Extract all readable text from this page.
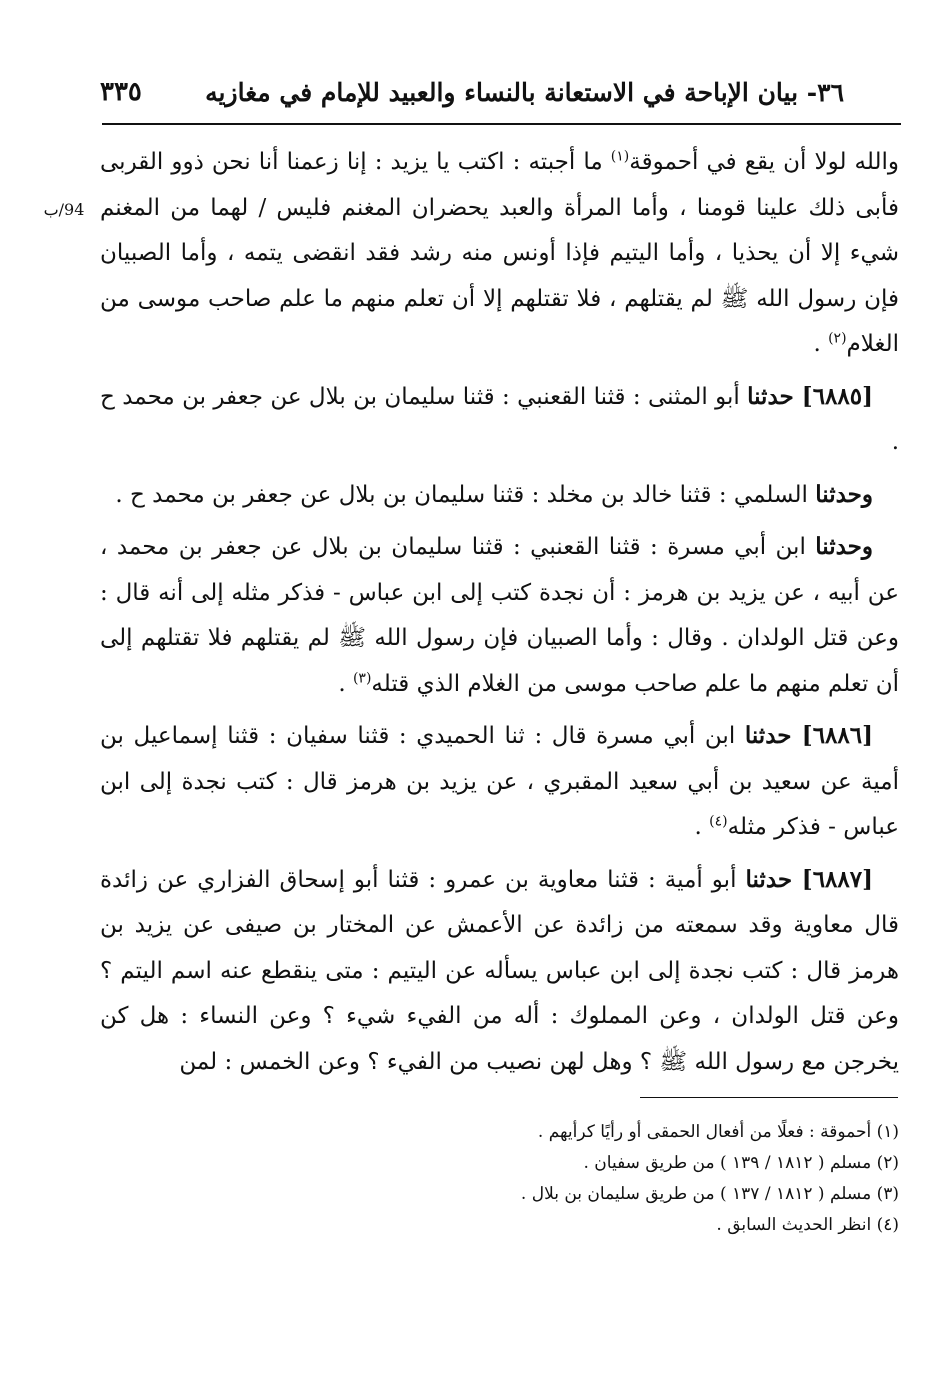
٣٦- بيان الإباحة في الاستعانة بالنساء والعبيد للإمام في مغازيه
٣٣٥
94/ب

والله لولا أن يقع في أحموقة$^{(١)}$ ما أجبته : اكتب يا يزيد : إنا زعمنا أنا نحن ذوو القربى فأبى ذلك علينا قومنا ، وأما المرأة والعبد يحضران المغنم فليس / لهما من المغنم شيء إلا أن يحذيا ، وأما اليتيم فإذا أونس منه رشد فقد انقضى يتمه ، وأما الصبيان فإن رسول الله ﷺ لم يقتلهم ، فلا تقتلهم إلا أن تعلم منهم ما علم صاحب موسى من الغلام$^{(٢)}$ .

[٦٨٨٥] حدثنا أبو المثنى : قثنا القعنبي : قثنا سليمان بن بلال عن جعفر بن محمد ح .

وحدثنا السلمي : قثنا خالد بن مخلد : قثنا سليمان بن بلال عن جعفر بن محمد ح .

وحدثنا ابن أبي مسرة : قثنا القعنبي : قثنا سليمان بن بلال عن جعفر بن محمد ، عن أبيه ، عن يزيد بن هرمز : أن نجدة كتب إلى ابن عباس - فذكر مثله إلى أنه قال : وعن قتل الولدان . وقال : وأما الصبيان فإن رسول الله ﷺ لم يقتلهم فلا تقتلهم إلى أن تعلم منهم ما علم صاحب موسى من الغلام الذي قتله$^{(٣)}$ .

[٦٨٨٦] حدثنا ابن أبي مسرة قال : ثنا الحميدي : قثنا سفيان : قثنا إسماعيل بن أمية عن سعيد بن أبي سعيد المقبري ، عن يزيد بن هرمز قال : كتب نجدة إلى ابن عباس - فذكر مثله$^{(٤)}$ .

[٦٨٨٧] حدثنا أبو أمية : قثنا معاوية بن عمرو : قثنا أبو إسحاق الفزاري عن زائدة قال معاوية وقد سمعته من زائدة عن الأعمش عن المختار بن صيفى عن يزيد بن هرمز قال : كتب نجدة إلى ابن عباس يسأله عن اليتيم : متى ينقطع عنه اسم اليتم ؟ وعن قتل الولدان ، وعن المملوك : أله من الفيء شيء ؟ وعن النساء : هل كن يخرجن مع رسول الله ﷺ ؟ وهل لهن نصيب من الفيء ؟ وعن الخمس : لمن

(١) أحموقة : فعلًا من أفعال الحمقى أو رأيًا كرأيهم .
(٢) مسلم ( ١٨١٢ / ١٣٩ ) من طريق سفيان .
(٣) مسلم ( ١٨١٢ / ١٣٧ ) من طريق سليمان بن بلال .
(٤) انظر الحديث السابق .
